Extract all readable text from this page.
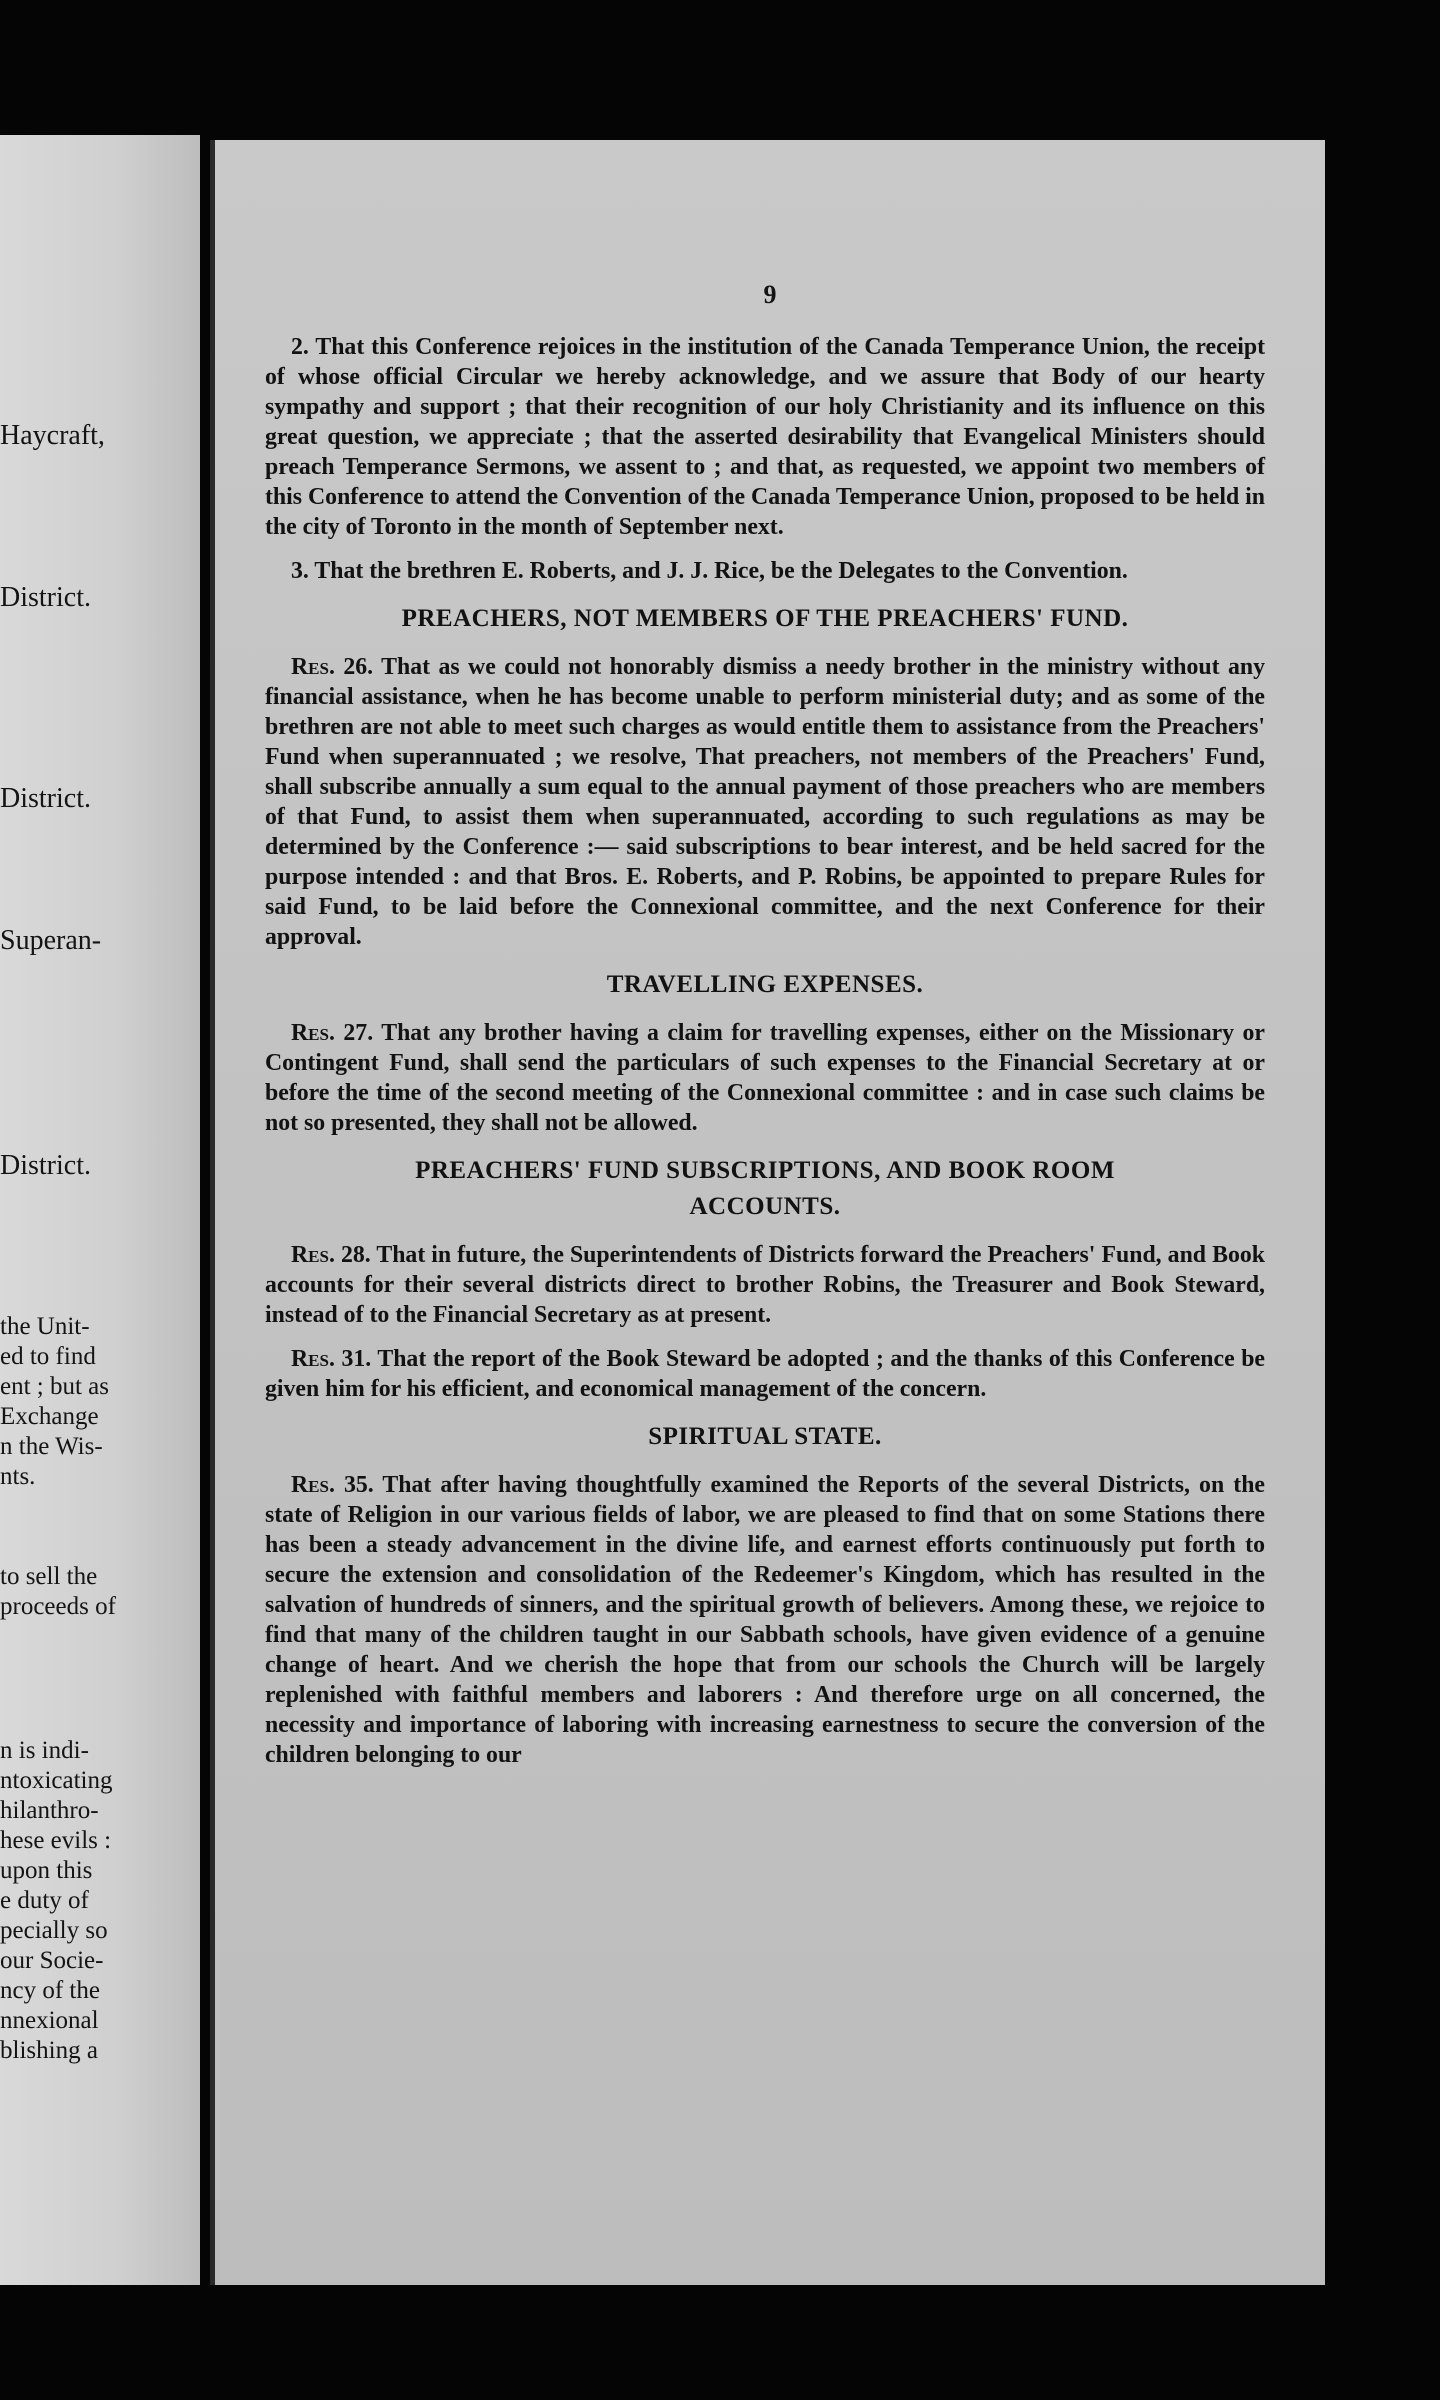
Haycraft,

District.

District.

Superan-

District.

the Unit-

ed to find

ent ; but as

Exchange

n the Wis-

nts.

to sell the

proceeds of

n is indi-

ntoxicating

hilanthro-

hese evils :

upon this

e duty of

pecially so

our Socie-

ncy of the

nnexional

blishing a

9

2. That this Conference rejoices in the institution of the Canada Temperance Union, the receipt of whose official Circular we hereby acknowledge, and we assure that Body of our hearty sympathy and support ; that their recognition of our holy Christianity and its influence on this great question, we appreciate ; that the asserted desirability that Evangelical Ministers should preach Temperance Sermons, we assent to ; and that, as requested, we appoint two members of this Conference to attend the Convention of the Canada Temperance Union, proposed to be held in the city of Toronto in the month of September next.

3. That the brethren E. Roberts, and J. J. Rice, be the Delegates to the Convention.

PREACHERS, NOT MEMBERS OF THE PREACHERS' FUND.

Res. 26. That as we could not honorably dismiss a needy brother in the ministry without any financial assistance, when he has become unable to perform ministerial duty; and as some of the brethren are not able to meet such charges as would entitle them to assistance from the Preachers' Fund when superannuated ; we resolve, That preachers, not members of the Preachers' Fund, shall subscribe annually a sum equal to the annual payment of those preachers who are members of that Fund, to assist them when superannuated, according to such regulations as may be determined by the Conference :— said subscriptions to bear interest, and be held sacred for the purpose intended : and that Bros. E. Roberts, and P. Robins, be appointed to prepare Rules for said Fund, to be laid before the Connexional committee, and the next Conference for their approval.

TRAVELLING EXPENSES.

Res. 27. That any brother having a claim for travelling expenses, either on the Missionary or Contingent Fund, shall send the particulars of such expenses to the Financial Secretary at or before the time of the second meeting of the Connexional committee : and in case such claims be not so presented, they shall not be allowed.

PREACHERS' FUND SUBSCRIPTIONS, AND BOOK ROOM
ACCOUNTS.

Res. 28. That in future, the Superintendents of Districts forward the Preachers' Fund, and Book accounts for their several districts direct to brother Robins, the Treasurer and Book Steward, instead of to the Financial Secretary as at present.

Res. 31. That the report of the Book Steward be adopted ; and the thanks of this Conference be given him for his efficient, and economical management of the concern.

SPIRITUAL STATE.

Res. 35. That after having thoughtfully examined the Reports of the several Districts, on the state of Religion in our various fields of labor, we are pleased to find that on some Stations there has been a steady advancement in the divine life, and earnest efforts continuously put forth to secure the extension and consolidation of the Redeemer's Kingdom, which has resulted in the salvation of hundreds of sinners, and the spiritual growth of believers. Among these, we rejoice to find that many of the children taught in our Sabbath schools, have given evidence of a genuine change of heart. And we cherish the hope that from our schools the Church will be largely replenished with faithful members and laborers : And therefore urge on all concerned, the necessity and importance of laboring with increasing earnestness to secure the conversion of the children belonging to our
